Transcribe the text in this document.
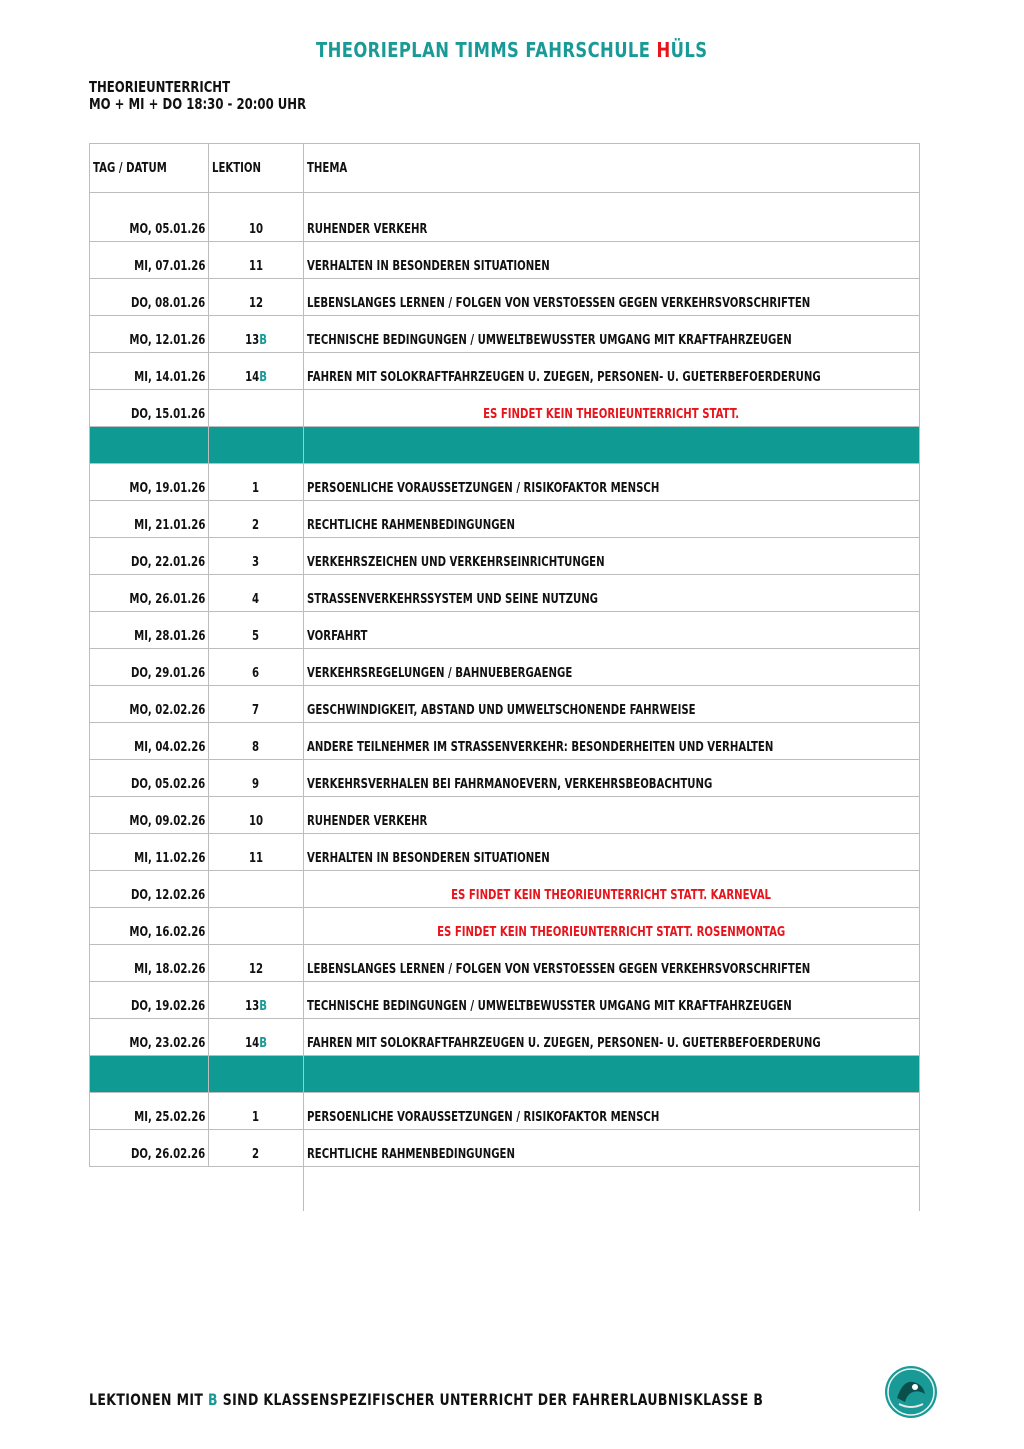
THEORIEPLAN TIMMS FAHRSCHULE HÜLS
THEORIEUNTERRICHT
MO + MI + DO 18:30 - 20:00 UHR
TAG / DATUM	LEKTION	THEMA
MO, 05.01.26	10	RUHENDER VERKEHR
MI, 07.01.26	11	VERHALTEN IN BESONDEREN SITUATIONEN
DO, 08.01.26	12	LEBENSLANGES LERNEN / FOLGEN VON VERSTOESSEN GEGEN VERKEHRSVORSCHRIFTEN
MO, 12.01.26	13B	TECHNISCHE BEDINGUNGEN / UMWELTBEWUSSTER UMGANG MIT KRAFTFAHRZEUGEN
MI, 14.01.26	14B	FAHREN MIT SOLOKRAFTFAHRZEUGEN U. ZUEGEN, PERSONEN- U. GUETERBEFOERDERUNG
DO, 15.01.26		ES FINDET KEIN THEORIEUNTERRICHT STATT.

MO, 19.01.26	1	PERSOENLICHE VORAUSSETZUNGEN / RISIKOFAKTOR MENSCH
MI, 21.01.26	2	RECHTLICHE RAHMENBEDINGUNGEN
DO, 22.01.26	3	VERKEHRSZEICHEN UND VERKEHRSEINRICHTUNGEN
MO, 26.01.26	4	STRASSENVERKEHRSSYSTEM UND SEINE NUTZUNG
MI, 28.01.26	5	VORFAHRT
DO, 29.01.26	6	VERKEHRSREGELUNGEN / BAHNUEBERGAENGE
MO, 02.02.26	7	GESCHWINDIGKEIT, ABSTAND UND UMWELTSCHONENDE FAHRWEISE
MI, 04.02.26	8	ANDERE TEILNEHMER IM STRASSENVERKEHR: BESONDERHEITEN UND VERHALTEN
DO, 05.02.26	9	VERKEHRSVERHALEN BEI FAHRMANOEVERN, VERKEHRSBEOBACHTUNG
MO, 09.02.26	10	RUHENDER VERKEHR
MI, 11.02.26	11	VERHALTEN IN BESONDEREN SITUATIONEN
DO, 12.02.26		ES FINDET KEIN THEORIEUNTERRICHT STATT. KARNEVAL
MO, 16.02.26		ES FINDET KEIN THEORIEUNTERRICHT STATT. ROSENMONTAG
MI, 18.02.26	12	LEBENSLANGES LERNEN / FOLGEN VON VERSTOESSEN GEGEN VERKEHRSVORSCHRIFTEN
DO, 19.02.26	13B	TECHNISCHE BEDINGUNGEN / UMWELTBEWUSSTER UMGANG MIT KRAFTFAHRZEUGEN
MO, 23.02.26	14B	FAHREN MIT SOLOKRAFTFAHRZEUGEN U. ZUEGEN, PERSONEN- U. GUETERBEFOERDERUNG

MI, 25.02.26	1	PERSOENLICHE VORAUSSETZUNGEN / RISIKOFAKTOR MENSCH
DO, 26.02.26	2	RECHTLICHE RAHMENBEDINGUNGEN

LEKTIONEN MIT B SIND KLASSENSPEZIFISCHER UNTERRICHT DER FAHRERLAUBNISKLASSE B
